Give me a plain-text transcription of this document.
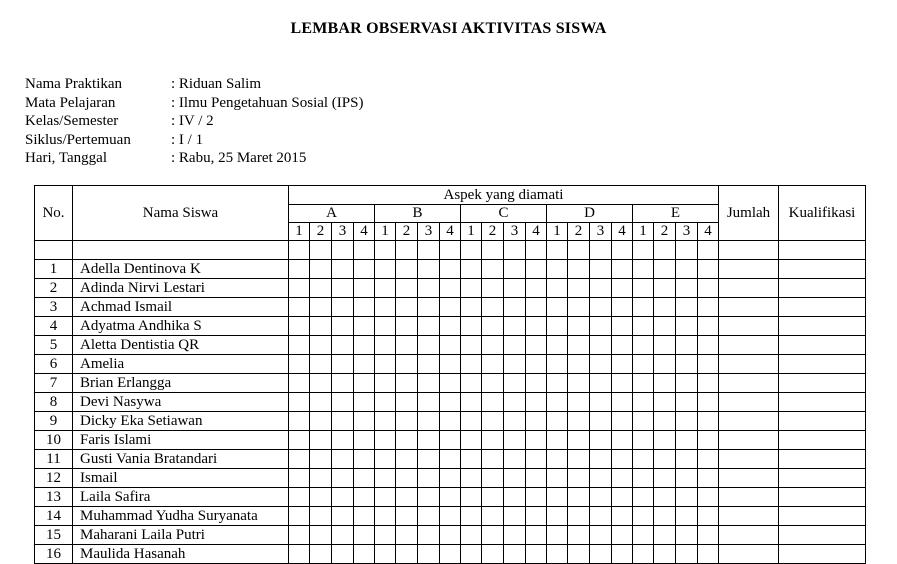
LEMBAR OBSERVASI AKTIVITAS SISWA
Nama Praktikan	: Riduan Salim
Mata Pelajaran	: Ilmu Pengetahuan Sosial (IPS)
Kelas/Semester	: IV / 2
Siklus/Pertemuan	: I / 1
Hari, Tanggal	: Rabu, 25 Maret 2015
No.	Nama Siswa	Aspek yang diamati																				Jumlah	Kualifikasi
		A				B				C				D				E					
		1	2	3	4	1	2	3	4	1	2	3	4	1	2	3	4	1	2	3	4		

1	Adella Dentinova K																						
2	Adinda Nirvi Lestari																						
3	Achmad Ismail																						
4	Adyatma Andhika S																						
5	Aletta Dentistia QR																						
6	Amelia																						
7	Brian Erlangga																						
8	Devi Nasywa																						
9	Dicky Eka Setiawan																						
10	Faris Islami																						
11	Gusti Vania Bratandari																						
12	Ismail																						
13	Laila Safira																						
14	Muhammad Yudha Suryanata																						
15	Maharani Laila Putri																						
16	Maulida Hasanah																						
